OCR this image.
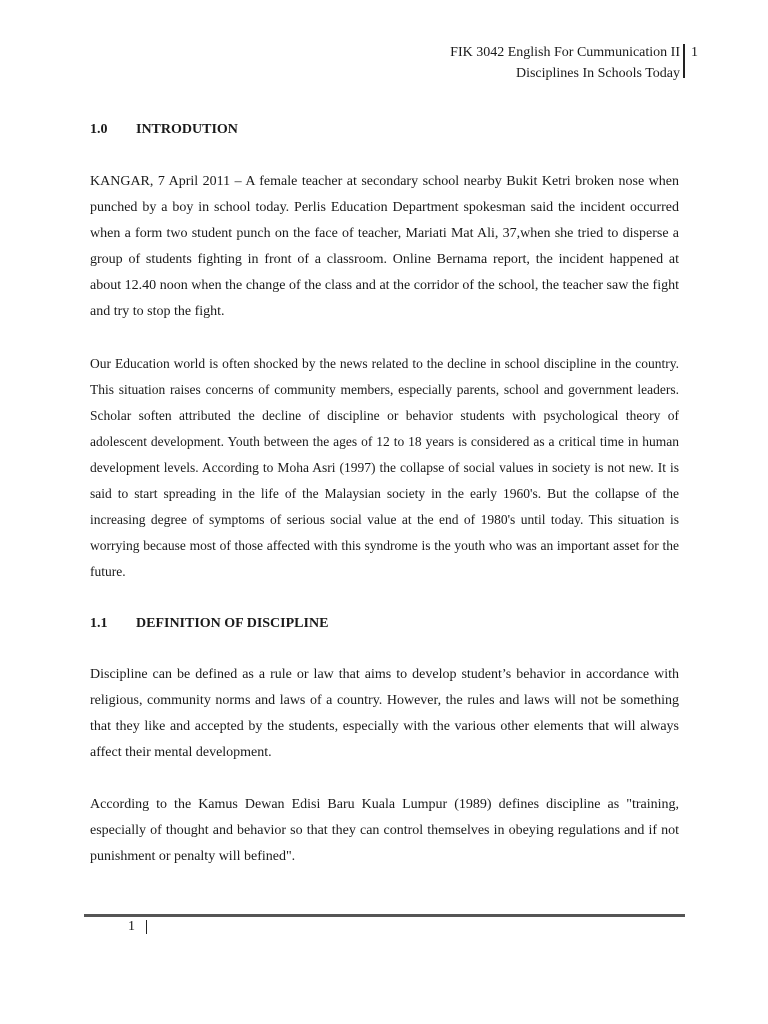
FIK 3042 English For Cummunication II
Disciplines In Schools Today
1
1.0 INTRODUTION
KANGAR, 7 April 2011 – A female teacher at secondary school nearby Bukit Ketri broken nose when punched by a boy in school today. Perlis Education Department spokesman said the incident occurred when a form two student punch on the face of teacher, Mariati Mat Ali, 37,when she tried to disperse a group of students fighting in front of a classroom. Online Bernama report, the incident happened at about 12.40 noon when the change of the class and at the corridor of the school, the teacher saw the fight and try to stop the fight.
Our Education world is often shocked by the news related to the decline in school discipline in the country. This situation raises concerns of community members, especially parents, school and government leaders. Scholar soften attributed the decline of discipline or behavior students with psychological theory of adolescent development. Youth between the ages of 12 to 18 years is considered as a critical time in human development levels. According to Moha Asri (1997) the collapse of social values in society is not new. It is said to start spreading in the life of the Malaysian society in the early 1960's. But the collapse of the increasing degree of symptoms of serious social value at the end of 1980's until today. This situation is worrying because most of those affected with this syndrome is the youth who was an important asset for the future.
1.1 DEFINITION OF DISCIPLINE
Discipline can be defined as a rule or law that aims to develop student’s behavior in accordance with religious, community norms and laws of a country. However, the rules and laws will not be something that they like and accepted by the students, especially with the various other elements that will always affect their mental development.
According to the Kamus Dewan Edisi Baru Kuala Lumpur (1989) defines discipline as "training, especially of thought and behavior so that they can control themselves in obeying regulations and if not punishment or penalty will befined".
1
